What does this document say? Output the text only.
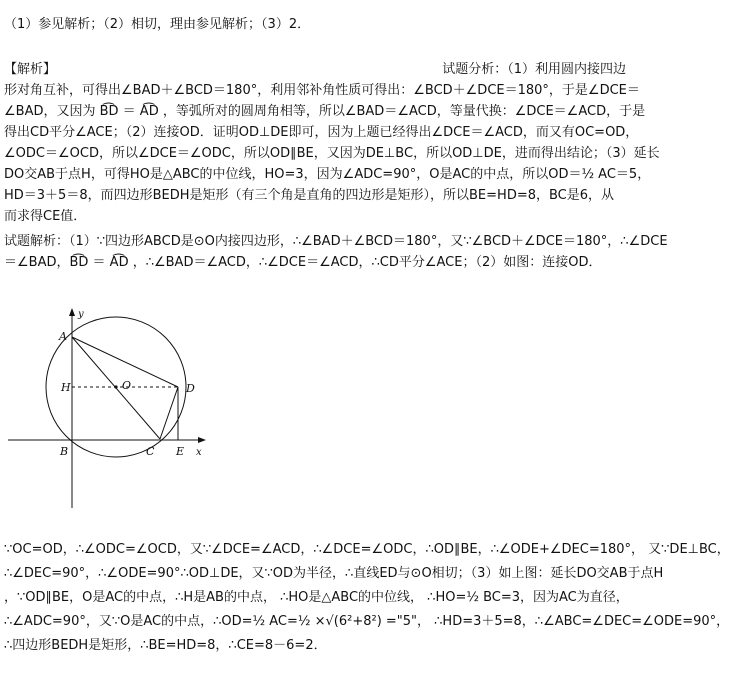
（1）参见解析；（2）相切，理由参见解析；（3）2．
【解析】	试题分析：（1）利用圆内接四边
形对角互补，可得出∠BAD＋∠BCD＝180°，利用邻补角性质可得出：∠BCD＋∠DCE＝180°，于是∠DCE＝
∠BAD，又因为 B͡D ＝ A͡D ，等弧所对的圆周角相等，所以∠BAD＝∠ACD，等量代换：∠DCE＝∠ACD，于是
得出CD平分∠ACE；（2）连接OD．证明OD⊥DE即可，因为上题已经得出∠DCE＝∠ACD，而又有OC=OD，
∠ODC＝∠OCD，所以∠DCE＝∠ODC，所以OD∥BE，又因为DE⊥BC，所以OD⊥DE，进而得出结论；（3）延长
DO交AB于点H，可得HO是△ABC的中位线，HO=3，因为∠ADC=90°，O是AC的中点，所以OD＝½ AC＝5，
HD＝3＋5＝8，而四边形BEDH是矩形（有三个角是直角的四边形是矩形），所以BE=HD=8，BC是6，从
而求得CE值．
试题解析：（1）∵四边形ABCD是⊙O内接四边形，∴∠BAD＋∠BCD＝180°，又∵∠BCD＋∠DCE＝180°，∴∠DCE
＝∠BAD，B͡D ＝ A͡D ，∴∠BAD＝∠ACD，∴∠DCE＝∠ACD，∴CD平分∠ACE；（2）如图：连接OD．
A
y
H	O	D
B	C E x
∵OC=OD，∴∠ODC=∠OCD，又∵∠DCE=∠ACD，∴∠DCE=∠ODC，∴OD∥BE，∴∠ODE+∠DEC=180°， 又∵DE⊥BC，
∴∠DEC=90°，∴∠ODE=90°∴OD⊥DE，又∵OD为半径，∴直线ED与⊙O相切；（3）如上图：延长DO交AB于点H
，∵OD∥BE，O是AC的中点，∴H是AB的中点， ∴HO是△ABC的中位线， ∴HO=½ BC=3，因为AC为直径，
∴∠ADC=90°，又∵O是AC的中点，∴OD=½ AC=½ ×√(6²+8²) ="5"， ∴HD=3＋5=8，∴∠ABC=∠DEC=∠ODE=90°，
∴四边形BEDH是矩形，∴BE=HD=8，∴CE=8－6=2．
